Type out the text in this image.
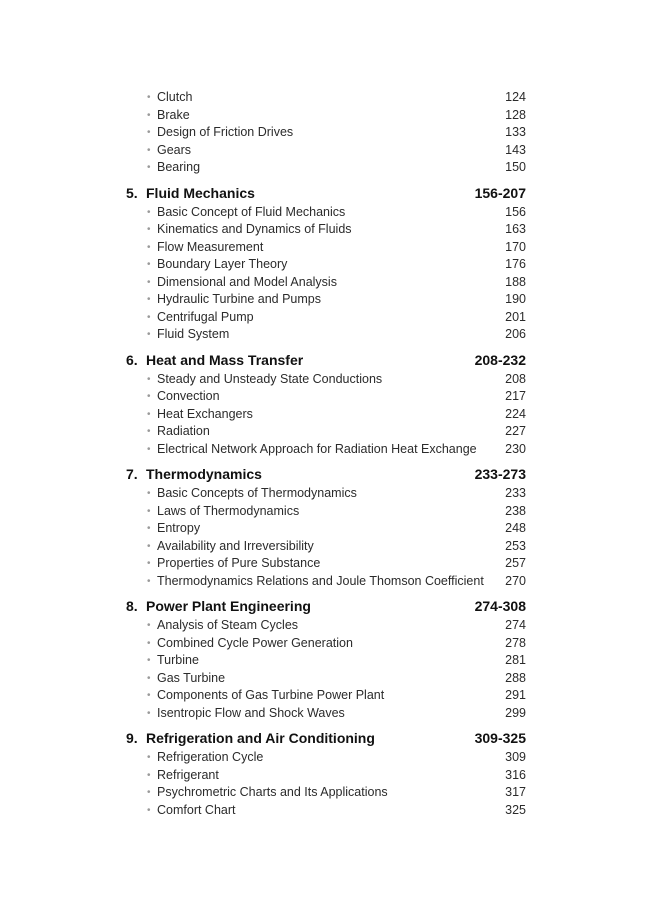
• Clutch	124
• Brake	128
• Design of Friction Drives	133
• Gears	143
• Bearing	150
5. Fluid Mechanics	156-207
• Basic Concept of Fluid Mechanics	156
• Kinematics and Dynamics of Fluids	163
• Flow Measurement	170
• Boundary Layer Theory	176
• Dimensional and Model Analysis	188
• Hydraulic Turbine and Pumps	190
• Centrifugal Pump	201
• Fluid System	206
6. Heat and Mass Transfer	208-232
• Steady and Unsteady State Conductions	208
• Convection	217
• Heat Exchangers	224
• Radiation	227
• Electrical Network Approach for Radiation Heat Exchange 230
7. Thermodynamics	233-273
• Basic Concepts of Thermodynamics	233
• Laws of Thermodynamics	238
• Entropy	248
• Availability and Irreversibility	253
• Properties of Pure Substance	257
• Thermodynamics Relations and Joule Thomson Coefficient 270
8. Power Plant Engineering	274-308
• Analysis of Steam Cycles	274
• Combined Cycle Power Generation	278
• Turbine	281
• Gas Turbine	288
• Components of Gas Turbine Power Plant	291
• Isentropic Flow and Shock Waves	299
9. Refrigeration and Air Conditioning	309-325
• Refrigeration Cycle	309
• Refrigerant	316
• Psychrometric Charts and Its Applications	317
• Comfort Chart	325
